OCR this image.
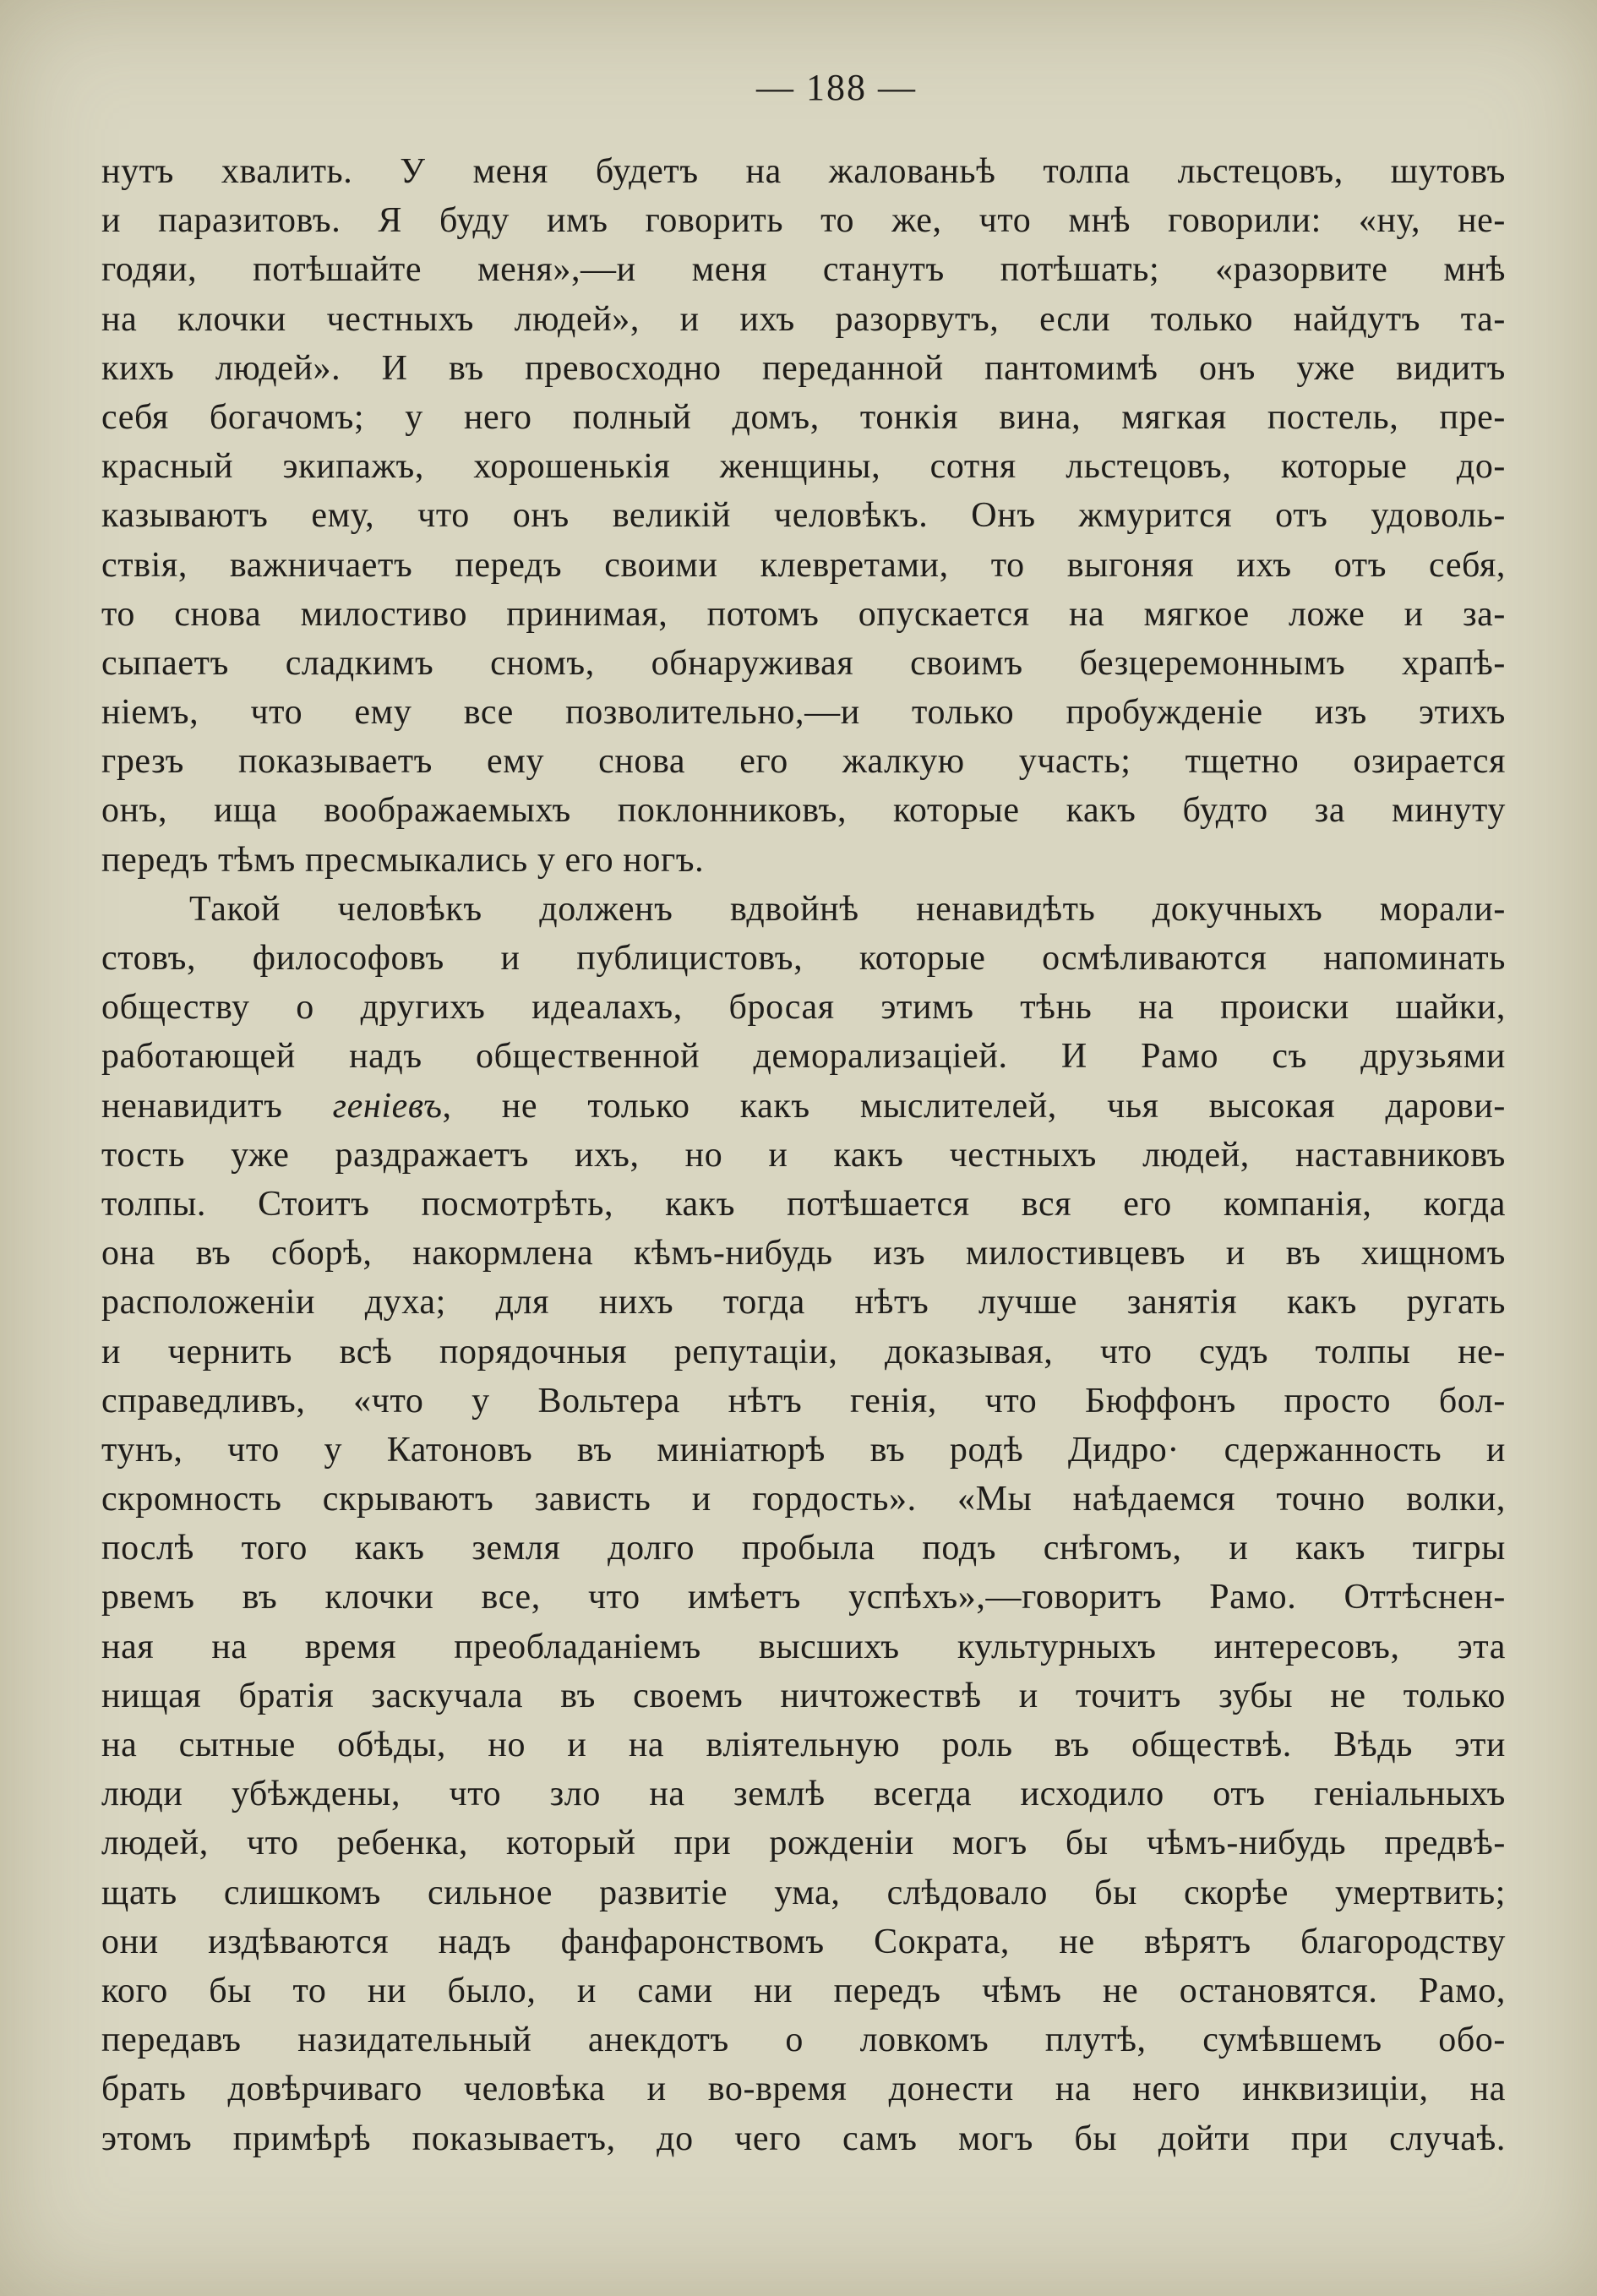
— 188 —
нутъ хвалить. У меня будетъ на жалованьѣ толпа льстецовъ, шутовъ
и паразитовъ. Я буду имъ говорить то же, что мнѣ говорили: «ну, не-
годяи, потѣшайте меня»,—и меня станутъ потѣшать; «разорвите мнѣ
на клочки честныхъ людей», и ихъ разорвутъ, если только найдутъ та-
кихъ людей». И въ превосходно переданной пантомимѣ онъ уже видитъ
себя богачомъ; у него полный домъ, тонкія вина, мягкая постель, пре-
красный экипажъ, хорошенькія женщины, сотня льстецовъ, которые до-
казываютъ ему, что онъ великій человѣкъ. Онъ жмурится отъ удоволь-
ствія, важничаетъ передъ своими клевретами, то выгоняя ихъ отъ себя,
то снова милостиво принимая, потомъ опускается на мягкое ложе и за-
сыпаетъ сладкимъ сномъ, обнаруживая своимъ безцеремоннымъ храпѣ-
ніемъ, что ему все позволительно,—и только пробужденіе изъ этихъ
грезъ показываетъ ему снова его жалкую участь; тщетно озирается
онъ, ища воображаемыхъ поклонниковъ, которые какъ будто за минуту
передъ тѣмъ пресмыкались у его ногъ.
Такой человѣкъ долженъ вдвойнѣ ненавидѣть докучныхъ морали-
стовъ, философовъ и публицистовъ, которые осмѣливаются напоминать
обществу о другихъ идеалахъ, бросая этимъ тѣнь на происки шайки,
работающей надъ общественной деморализаціей. И Рамо съ друзьями
ненавидитъ геніевъ, не только какъ мыслителей, чья высокая дарови-
тость уже раздражаетъ ихъ, но и какъ честныхъ людей, наставниковъ
толпы. Стоитъ посмотрѣть, какъ потѣшается вся его компанія, когда
она въ сборѣ, накормлена кѣмъ-нибудь изъ милостивцевъ и въ хищномъ
расположеніи духа; для нихъ тогда нѣтъ лучше занятія какъ ругать
и чернить всѣ порядочныя репутаціи, доказывая, что судъ толпы не-
справедливъ, «что у Вольтера нѣтъ генія, что Бюффонъ просто бол-
тунъ, что у Катоновъ въ миніатюрѣ въ родѣ Дидро· сдержанность и
скромность скрываютъ зависть и гордость». «Мы наѣдаемся точно волки,
послѣ того какъ земля долго пробыла подъ снѣгомъ, и какъ тигры
рвемъ въ клочки все, что имѣетъ успѣхъ»,—говоритъ Рамо. Оттѣснен-
ная на время преобладаніемъ высшихъ культурныхъ интересовъ, эта
нищая братія заскучала въ своемъ ничтожествѣ и точитъ зубы не только
на сытные обѣды, но и на вліятельную роль въ обществѣ. Вѣдь эти
люди убѣждены, что зло на землѣ всегда исходило отъ геніальныхъ
людей, что ребенка, который при рожденіи могъ бы чѣмъ-нибудь предвѣ-
щать слишкомъ сильное развитіе ума, слѣдовало бы скорѣе умертвить;
они издѣваются надъ фанфаронствомъ Сократа, не вѣрятъ благородству
кого бы то ни было, и сами ни передъ чѣмъ не остановятся. Рамо,
передавъ назидательный анекдотъ о ловкомъ плутѣ, сумѣвшемъ обо-
брать довѣрчиваго человѣка и во-время донести на него инквизиціи, на
этомъ примѣрѣ показываетъ, до чего самъ могъ бы дойти при случаѣ.
